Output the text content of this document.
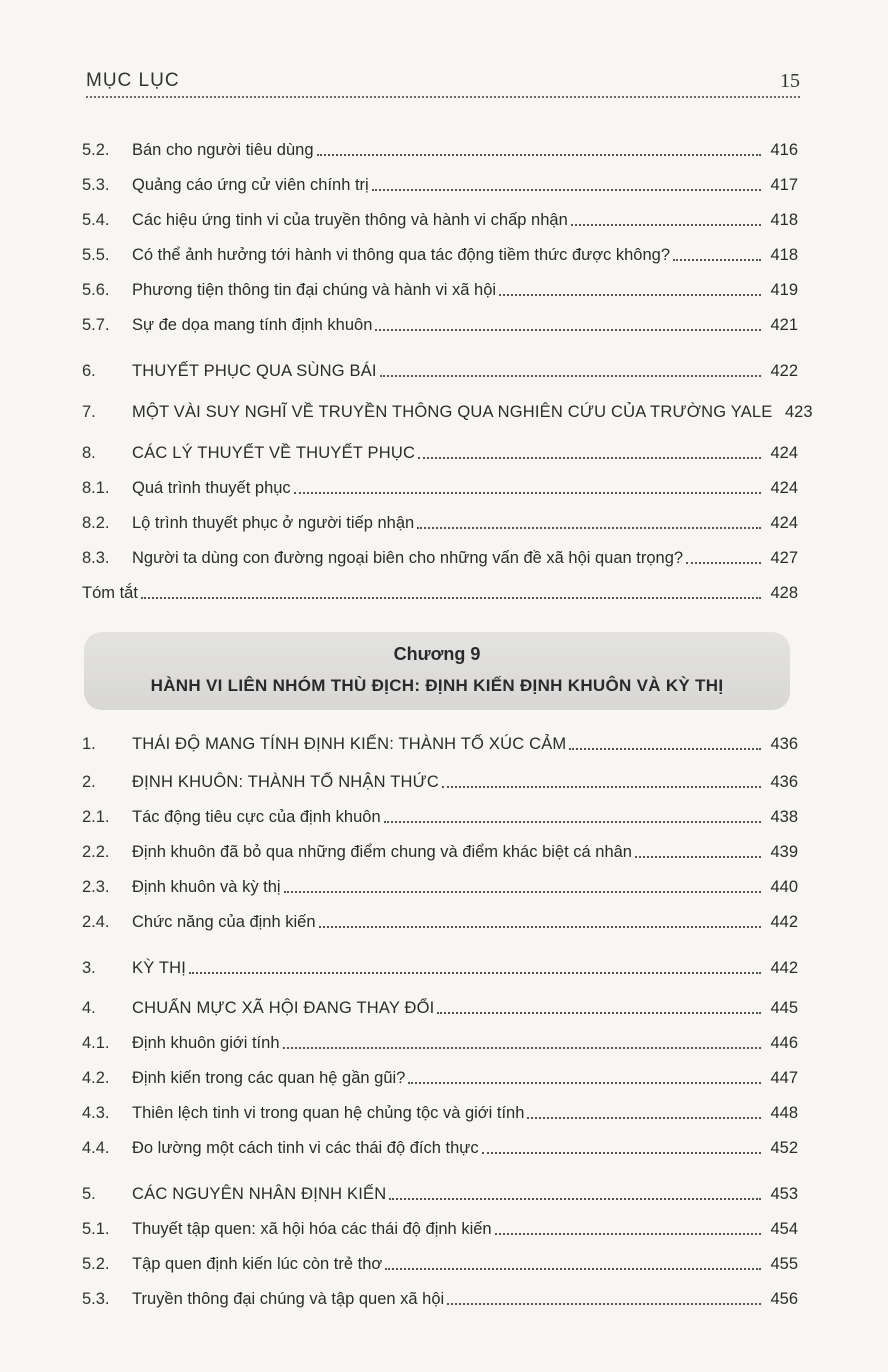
MỤC LỤC	15
5.2.	Bán cho người tiêu dùng	416
5.3.	Quảng cáo ứng cử viên chính trị	417
5.4.	Các hiệu ứng tinh vi của truyền thông và hành vi chấp nhận	418
5.5.	Có thể ảnh hưởng tới hành vi thông qua tác động tiềm thức được không?	418
5.6.	Phương tiện thông tin đại chúng và hành vi xã hội	419
5.7.	Sự đe dọa mang tính định khuôn	421
6.	THUYẾT PHỤC QUA SÙNG BÁI	422
7.	MỘT VÀI SUY NGHĨ VỀ TRUYỀN THÔNG QUA NGHIÊN CỨU CỦA TRƯỜNG YALE 423
8.	CÁC LÝ THUYẾT VỀ THUYẾT PHỤC	424
8.1.	Quá trình thuyết phục	424
8.2.	Lộ trình thuyết phục ở người tiếp nhận	424
8.3.	Người ta dùng con đường ngoại biên cho những vấn đề xã hội quan trọng?	427
Tóm tắt	428
Chương 9
HÀNH VI LIÊN NHÓM THÙ ĐỊCH: ĐỊNH KIẾN ĐỊNH KHUÔN VÀ KỲ THỊ
1.	THÁI ĐỘ MANG TÍNH ĐỊNH KIẾN: THÀNH TỐ XÚC CẢM	436
2.	ĐỊNH KHUÔN: THÀNH TỐ NHẬN THỨC	436
2.1.	Tác động tiêu cực của định khuôn	438
2.2.	Định khuôn đã bỏ qua những điểm chung và điểm khác biệt cá nhân	439
2.3.	Định khuôn và kỳ thị	440
2.4.	Chức năng của định kiến	442
3.	KỲ THỊ	442
4.	CHUẨN MỰC XÃ HỘI ĐANG THAY ĐỔI	445
4.1.	Định khuôn giới tính	446
4.2.	Định kiến trong các quan hệ gần gũi?	447
4.3.	Thiên lệch tinh vi trong quan hệ chủng tộc và giới tính	448
4.4.	Đo lường một cách tinh vi các thái độ đích thực	452
5.	CÁC NGUYÊN NHÂN ĐỊNH KIẾN	453
5.1.	Thuyết tập quen: xã hội hóa các thái độ định kiến	454
5.2.	Tập quen định kiến lúc còn trẻ thơ	455
5.3.	Truyền thông đại chúng và tập quen xã hội	456
